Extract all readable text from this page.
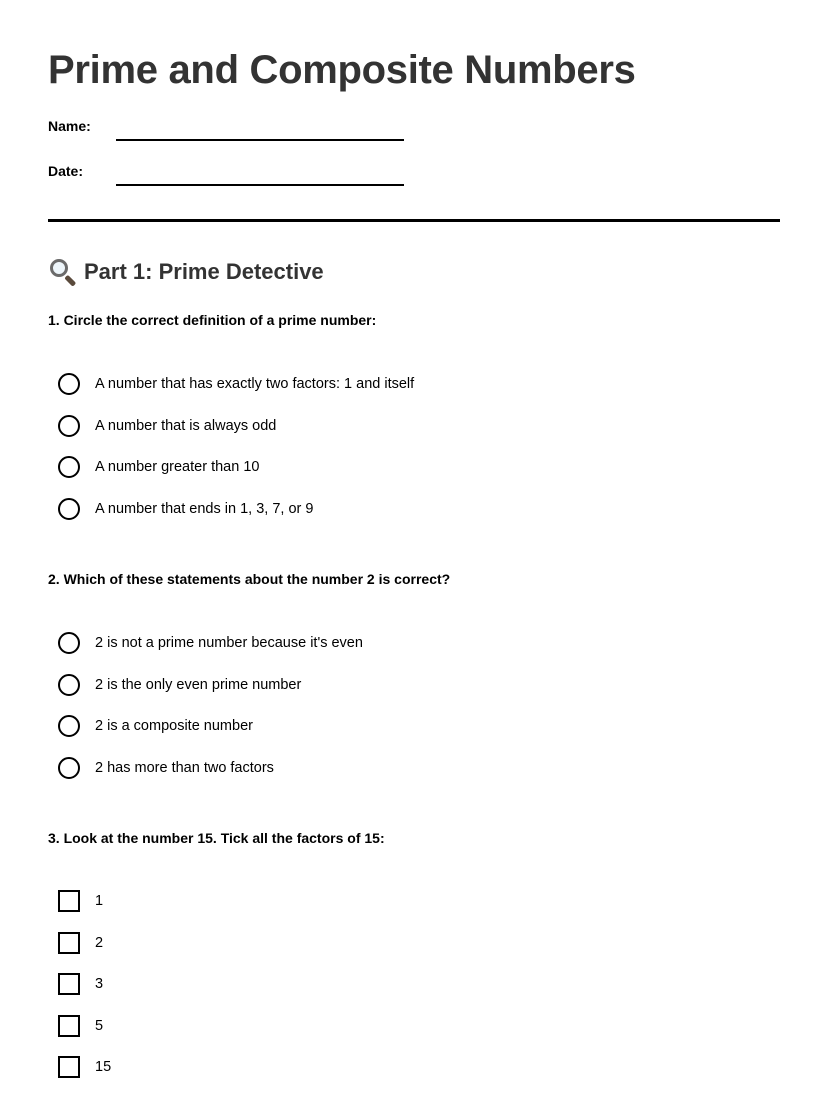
Prime and Composite Numbers
Name:
Date:
Part 1: Prime Detective
1. Circle the correct definition of a prime number:
A number that has exactly two factors: 1 and itself
A number that is always odd
A number greater than 10
A number that ends in 1, 3, 7, or 9
2. Which of these statements about the number 2 is correct?
2 is not a prime number because it's even
2 is the only even prime number
2 is a composite number
2 has more than two factors
3. Look at the number 15. Tick all the factors of 15:
1
2
3
5
15
